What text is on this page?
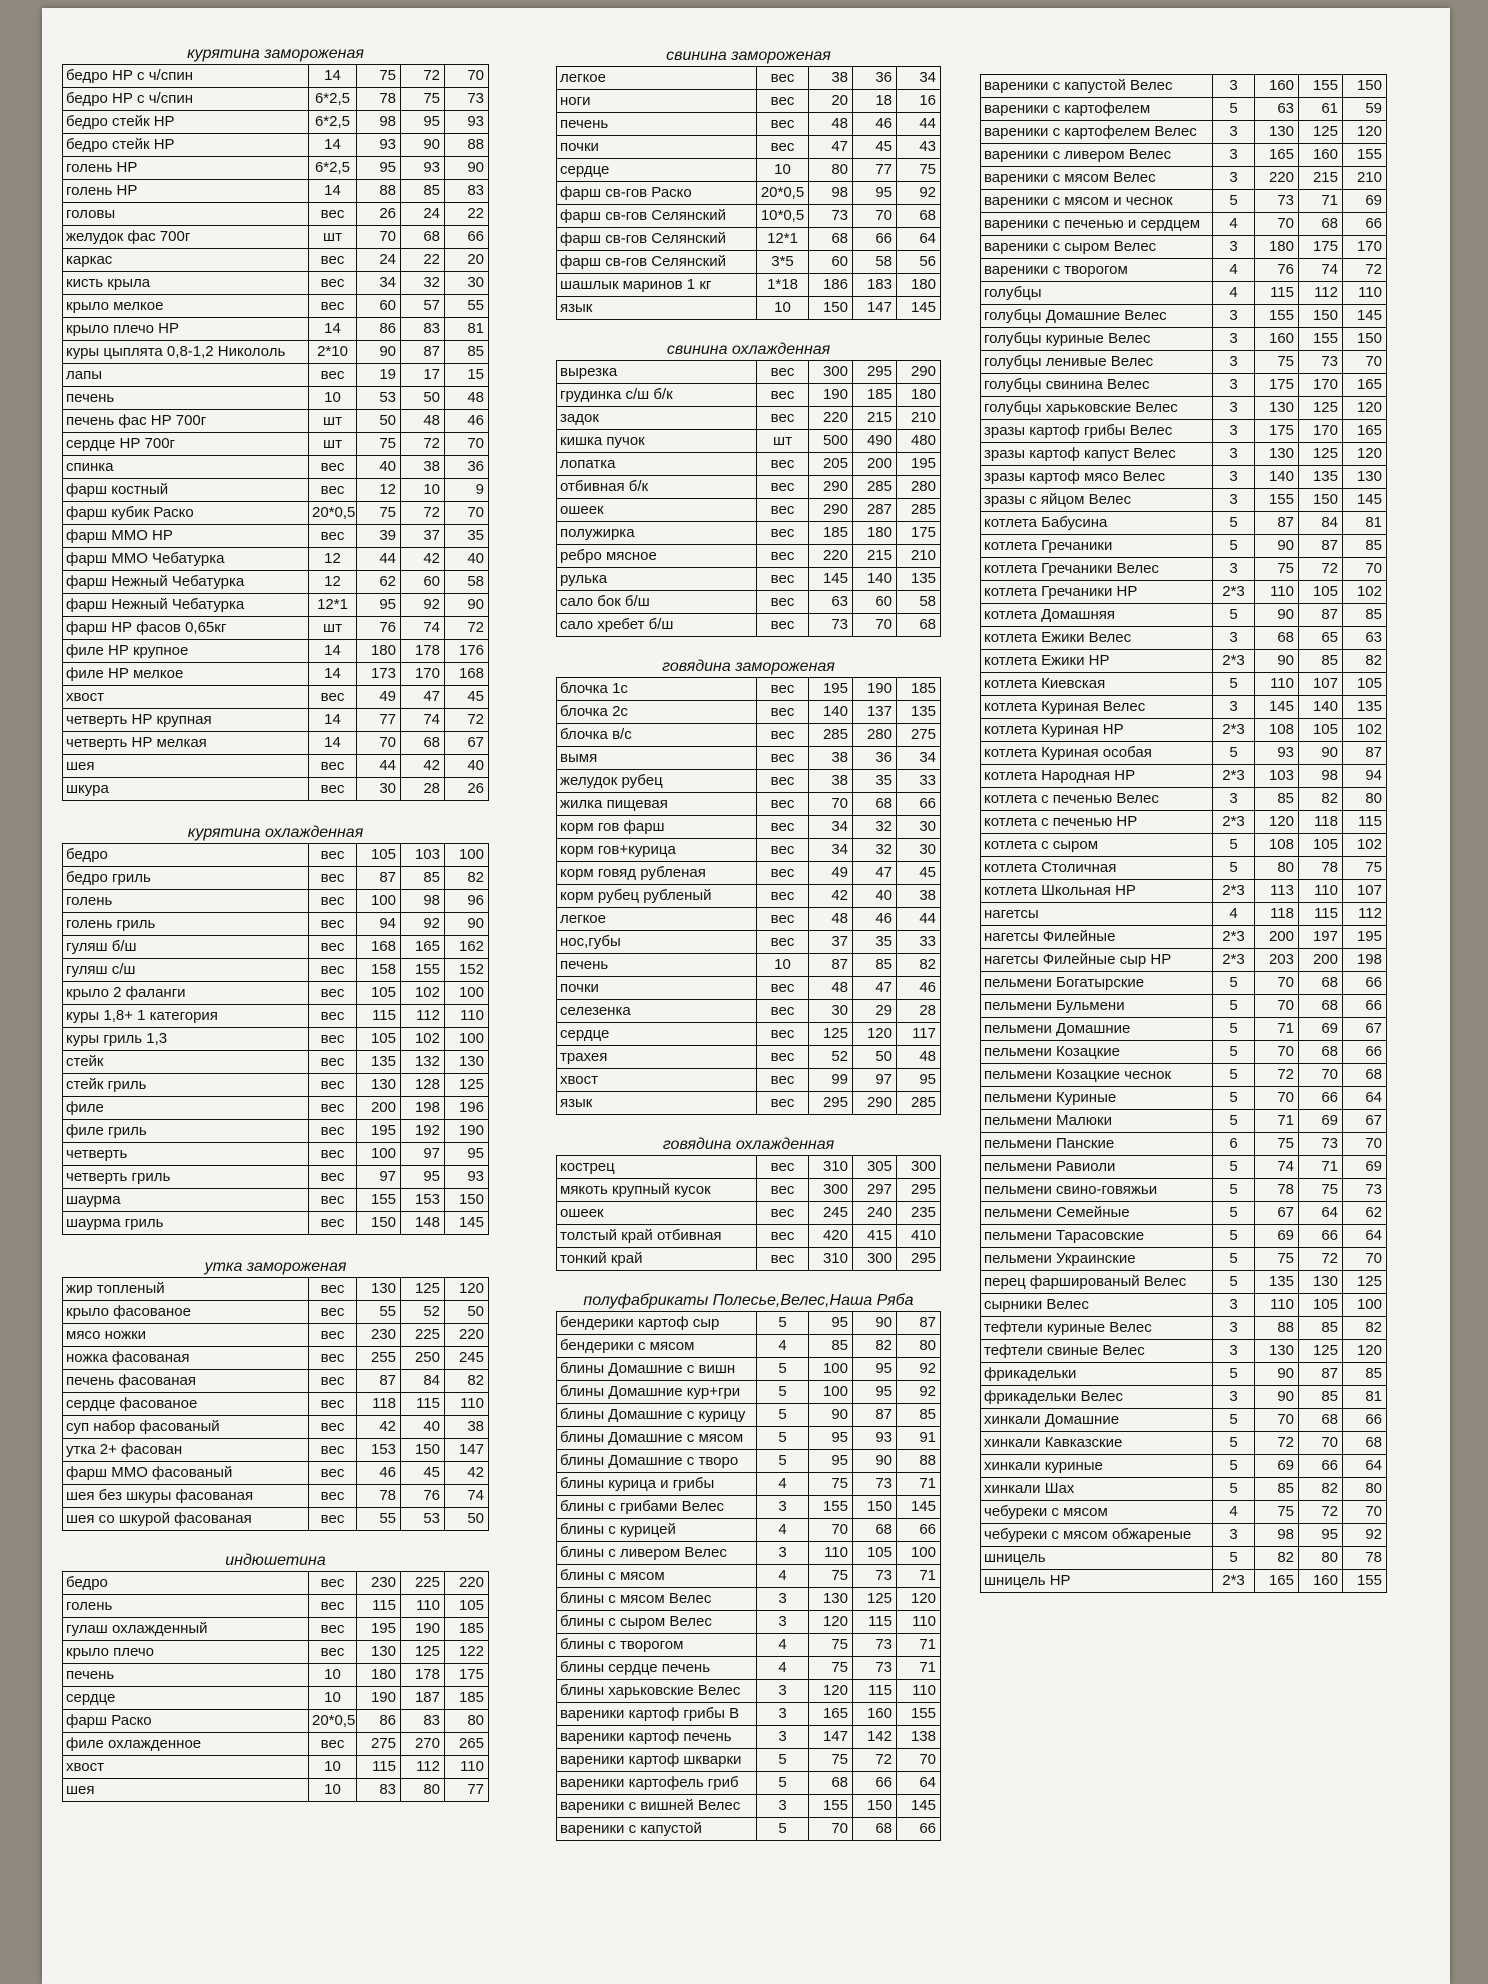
курятина замороженая
бедро НР с ч/спин	14	75	72	70
бедро НР с ч/спин	6*2,5	78	75	73
бедро стейк НР	6*2,5	98	95	93
бедро стейк НР	14	93	90	88
голень НР	6*2,5	95	93	90
голень НР	14	88	85	83
головы	вес	26	24	22
желудок фас 700г	шт	70	68	66
каркас	вес	24	22	20
кисть крыла	вес	34	32	30
крыло мелкое	вес	60	57	55
крыло плечо НР	14	86	83	81
куры цыплята 0,8-1,2 Никололь	2*10	90	87	85
лапы	вес	19	17	15
печень	10	53	50	48
печень фас НР 700г	шт	50	48	46
сердце НР 700г	шт	75	72	70
спинка	вес	40	38	36
фарш костный	вес	12	10	9
фарш кубик Раско	20*0,5	75	72	70
фарш ММО НР	вес	39	37	35
фарш ММО Чебатурка	12	44	42	40
фарш Нежный Чебатурка	12	62	60	58
фарш Нежный Чебатурка	12*1	95	92	90
фарш НР фасов 0,65кг	шт	76	74	72
филе НР крупное	14	180	178	176
филе НР мелкое	14	173	170	168
хвост	вес	49	47	45
четверть НР крупная	14	77	74	72
четверть НР мелкая	14	70	68	67
шея	вес	44	42	40
шкура	вес	30	28	26
курятина охлажденная
бедро	вес	105	103	100
бедро гриль	вес	87	85	82
голень	вес	100	98	96
голень гриль	вес	94	92	90
гуляш б/ш	вес	168	165	162
гуляш с/ш	вес	158	155	152
крыло 2 фаланги	вес	105	102	100
куры 1,8+ 1 категория	вес	115	112	110
куры гриль 1,3	вес	105	102	100
стейк	вес	135	132	130
стейк гриль	вес	130	128	125
филе	вес	200	198	196
филе гриль	вес	195	192	190
четверть	вес	100	97	95
четверть гриль	вес	97	95	93
шаурма	вес	155	153	150
шаурма гриль	вес	150	148	145
утка замороженая
жир топленый	вес	130	125	120
крыло фасованое	вес	55	52	50
мясо ножки	вес	230	225	220
ножка фасованая	вес	255	250	245
печень фасованая	вес	87	84	82
сердце фасованое	вес	118	115	110
суп набор фасованый	вес	42	40	38
утка 2+ фасован	вес	153	150	147
фарш ММО фасованый	вес	46	45	42
шея без шкуры фасованая	вес	78	76	74
шея со шкурой фасованая	вес	55	53	50
индюшетина
бедро	вес	230	225	220
голень	вес	115	110	105
гулаш охлажденный	вес	195	190	185
крыло плечо	вес	130	125	122
печень	10	180	178	175
сердце	10	190	187	185
фарш Раско	20*0,5	86	83	80
филе охлажденное	вес	275	270	265
хвост	10	115	112	110
шея	10	83	80	77
свинина замороженая
легкое	вес	38	36	34
ноги	вес	20	18	16
печень	вес	48	46	44
почки	вес	47	45	43
сердце	10	80	77	75
фарш св-гов Раско	20*0,5	98	95	92
фарш св-гов Селянский	10*0,5	73	70	68
фарш св-гов Селянский	12*1	68	66	64
фарш св-гов Селянский	3*5	60	58	56
шашлык маринов 1 кг	1*18	186	183	180
язык	10	150	147	145
свинина охлажденная
вырезка	вес	300	295	290
грудинка с/ш б/к	вес	190	185	180
задок	вес	220	215	210
кишка пучок	шт	500	490	480
лопатка	вес	205	200	195
отбивная б/к	вес	290	285	280
ошеек	вес	290	287	285
полужирка	вес	185	180	175
ребро мясное	вес	220	215	210
рулька	вес	145	140	135
сало бок б/ш	вес	63	60	58
сало хребет б/ш	вес	73	70	68
говядина замороженая
блочка 1с	вес	195	190	185
блочка 2с	вес	140	137	135
блочка в/с	вес	285	280	275
вымя	вес	38	36	34
желудок рубец	вес	38	35	33
жилка пищевая	вес	70	68	66
корм гов фарш	вес	34	32	30
корм гов+курица	вес	34	32	30
корм говяд рубленая	вес	49	47	45
корм рубец рубленый	вес	42	40	38
легкое	вес	48	46	44
нос,губы	вес	37	35	33
печень	10	87	85	82
почки	вес	48	47	46
селезенка	вес	30	29	28
сердце	вес	125	120	117
трахея	вес	52	50	48
хвост	вес	99	97	95
язык	вес	295	290	285
говядина охлажденная
кострец	вес	310	305	300
мякоть крупный кусок	вес	300	297	295
ошеек	вес	245	240	235
толстый край отбивная	вес	420	415	410
тонкий край	вес	310	300	295
полуфабрикаты Полесье,Велес,Наша Ряба
бендерики картоф сыр	5	95	90	87
бендерики с мясом	4	85	82	80
блины Домашние с вишн	5	100	95	92
блины Домашние кур+гри	5	100	95	92
блины Домашние с курицу	5	90	87	85
блины Домашние с мясом	5	95	93	91
блины Домашние с творо	5	95	90	88
блины курица и грибы	4	75	73	71
блины с грибами Велес	3	155	150	145
блины с курицей	4	70	68	66
блины с ливером Велес	3	110	105	100
блины с мясом	4	75	73	71
блины с мясом Велес	3	130	125	120
блины с сыром Велес	3	120	115	110
блины с творогом	4	75	73	71
блины сердце печень	4	75	73	71
блины харьковские Велес	3	120	115	110
вареники картоф грибы В	3	165	160	155
вареники картоф печень	3	147	142	138
вареники картоф шкварки	5	75	72	70
вареники картофель гриб	5	68	66	64
вареники с вишней Велес	3	155	150	145
вареники с капустой	5	70	68	66
вареники с капустой Велес	3	160	155	150
вареники с картофелем	5	63	61	59
вареники с картофелем Велес	3	130	125	120
вареники с ливером Велес	3	165	160	155
вареники с мясом Велес	3	220	215	210
вареники с мясом и чеснок	5	73	71	69
вареники с печенью и сердцем	4	70	68	66
вареники с сыром Велес	3	180	175	170
вареники с творогом	4	76	74	72
голубцы	4	115	112	110
голубцы Домашние Велес	3	155	150	145
голубцы куриные Велес	3	160	155	150
голубцы ленивые Велес	3	75	73	70
голубцы свинина Велес	3	175	170	165
голубцы харьковские Велес	3	130	125	120
зразы картоф грибы Велес	3	175	170	165
зразы картоф капуст Велес	3	130	125	120
зразы картоф мясо Велес	3	140	135	130
зразы с яйцом Велес	3	155	150	145
котлета Бабусина	5	87	84	81
котлета Гречаники	5	90	87	85
котлета Гречаники Велес	3	75	72	70
котлета Гречаники НР	2*3	110	105	102
котлета Домашняя	5	90	87	85
котлета Ежики Велес	3	68	65	63
котлета Ежики НР	2*3	90	85	82
котлета Киевская	5	110	107	105
котлета Куриная Велес	3	145	140	135
котлета Куриная НР	2*3	108	105	102
котлета Куриная особая	5	93	90	87
котлета Народная НР	2*3	103	98	94
котлета с печенью Велес	3	85	82	80
котлета с печенью НР	2*3	120	118	115
котлета с сыром	5	108	105	102
котлета Столичная	5	80	78	75
котлета Школьная НР	2*3	113	110	107
нагетсы	4	118	115	112
нагетсы Филейные	2*3	200	197	195
нагетсы Филейные сыр НР	2*3	203	200	198
пельмени Богатырские	5	70	68	66
пельмени Бульмени	5	70	68	66
пельмени Домашние	5	71	69	67
пельмени Козацкие	5	70	68	66
пельмени Козацкие чеснок	5	72	70	68
пельмени Куриные	5	70	66	64
пельмени Малюки	5	71	69	67
пельмени Панские	6	75	73	70
пельмени Равиоли	5	74	71	69
пельмени свино-говяжьи	5	78	75	73
пельмени Семейные	5	67	64	62
пельмени Тарасовские	5	69	66	64
пельмени Украинские	5	75	72	70
перец фаршированый Велес	5	135	130	125
сырники Велес	3	110	105	100
тефтели куриные Велес	3	88	85	82
тефтели свиные Велес	3	130	125	120
фрикадельки	5	90	87	85
фрикадельки Велес	3	90	85	81
хинкали Домашние	5	70	68	66
хинкали Кавказские	5	72	70	68
хинкали куриные	5	69	66	64
хинкали Шах	5	85	82	80
чебуреки с мясом	4	75	72	70
чебуреки с мясом обжареные	3	98	95	92
шницель	5	82	80	78
шницель НР	2*3	165	160	155
